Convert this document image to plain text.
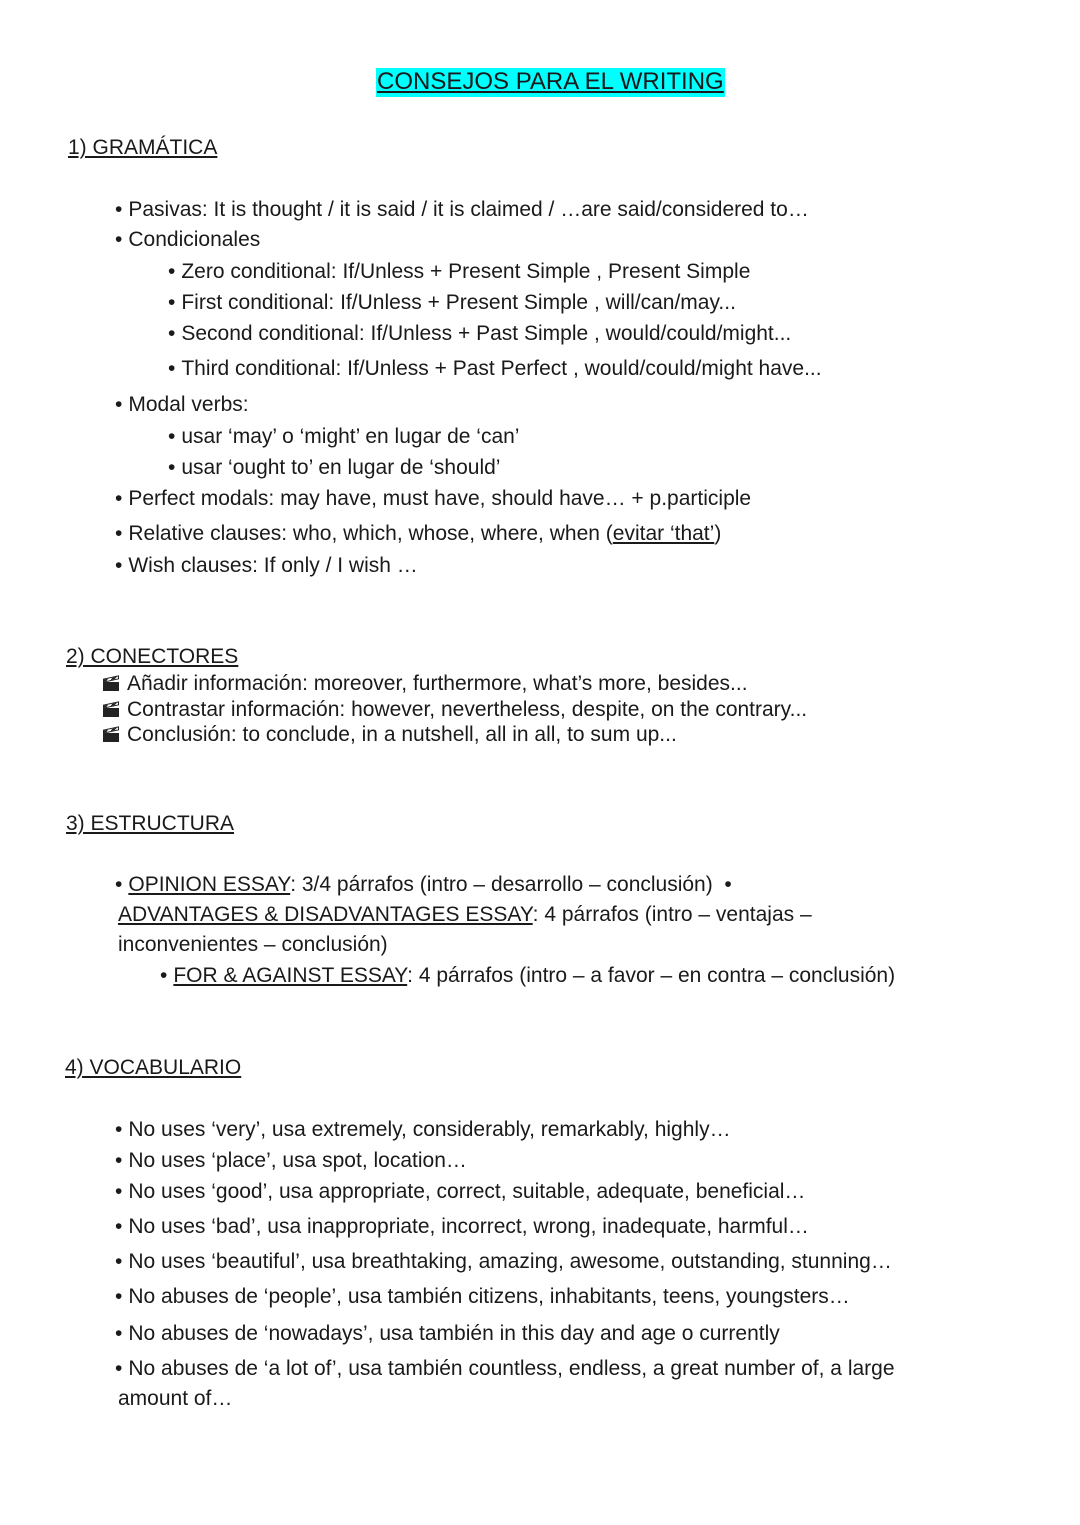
CONSEJOS PARA EL WRITING
1) GRAMÁTICA
• Pasivas: It is thought / it is said / it is claimed / …are said/considered to…
• Condicionales
• Zero conditional: If/Unless + Present Simple , Present Simple
• First conditional: If/Unless + Present Simple , will/can/may...
• Second conditional: If/Unless + Past Simple , would/could/might...
• Third conditional: If/Unless + Past Perfect , would/could/might have...
• Modal verbs:
• usar ‘may’ o ‘might’ en lugar de ‘can’
• usar ‘ought to’ en lugar de ‘should’
• Perfect modals: may have, must have, should have… + p.participle
• Relative clauses: who, which, whose, where, when (evitar ‘that’)
• Wish clauses: If only / I wish …
2) CONECTORES
Añadir información: moreover, furthermore, what’s more, besides...
Contrastar información: however, nevertheless, despite, on the contrary...
Conclusión: to conclude, in a nutshell, all in all, to sum up...
3) ESTRUCTURA
• OPINION ESSAY: 3/4 párrafos (intro – desarrollo – conclusión)  •
ADVANTAGES & DISADVANTAGES ESSAY: 4 párrafos (intro – ventajas –
inconvenientes – conclusión)
• FOR & AGAINST ESSAY: 4 párrafos (intro – a favor – en contra – conclusión)
4) VOCABULARIO
• No uses ‘very’, usa extremely, considerably, remarkably, highly…
• No uses ‘place’, usa spot, location…
• No uses ‘good’, usa appropriate, correct, suitable, adequate, beneficial…
• No uses ‘bad’, usa inappropriate, incorrect, wrong, inadequate, harmful…
• No uses ‘beautiful’, usa breathtaking, amazing, awesome, outstanding, stunning…
• No abuses de ‘people’, usa también citizens, inhabitants, teens, youngsters…
• No abuses de ‘nowadays’, usa también in this day and age o currently
• No abuses de ‘a lot of’, usa también countless, endless, a great number of, a large
amount of…
